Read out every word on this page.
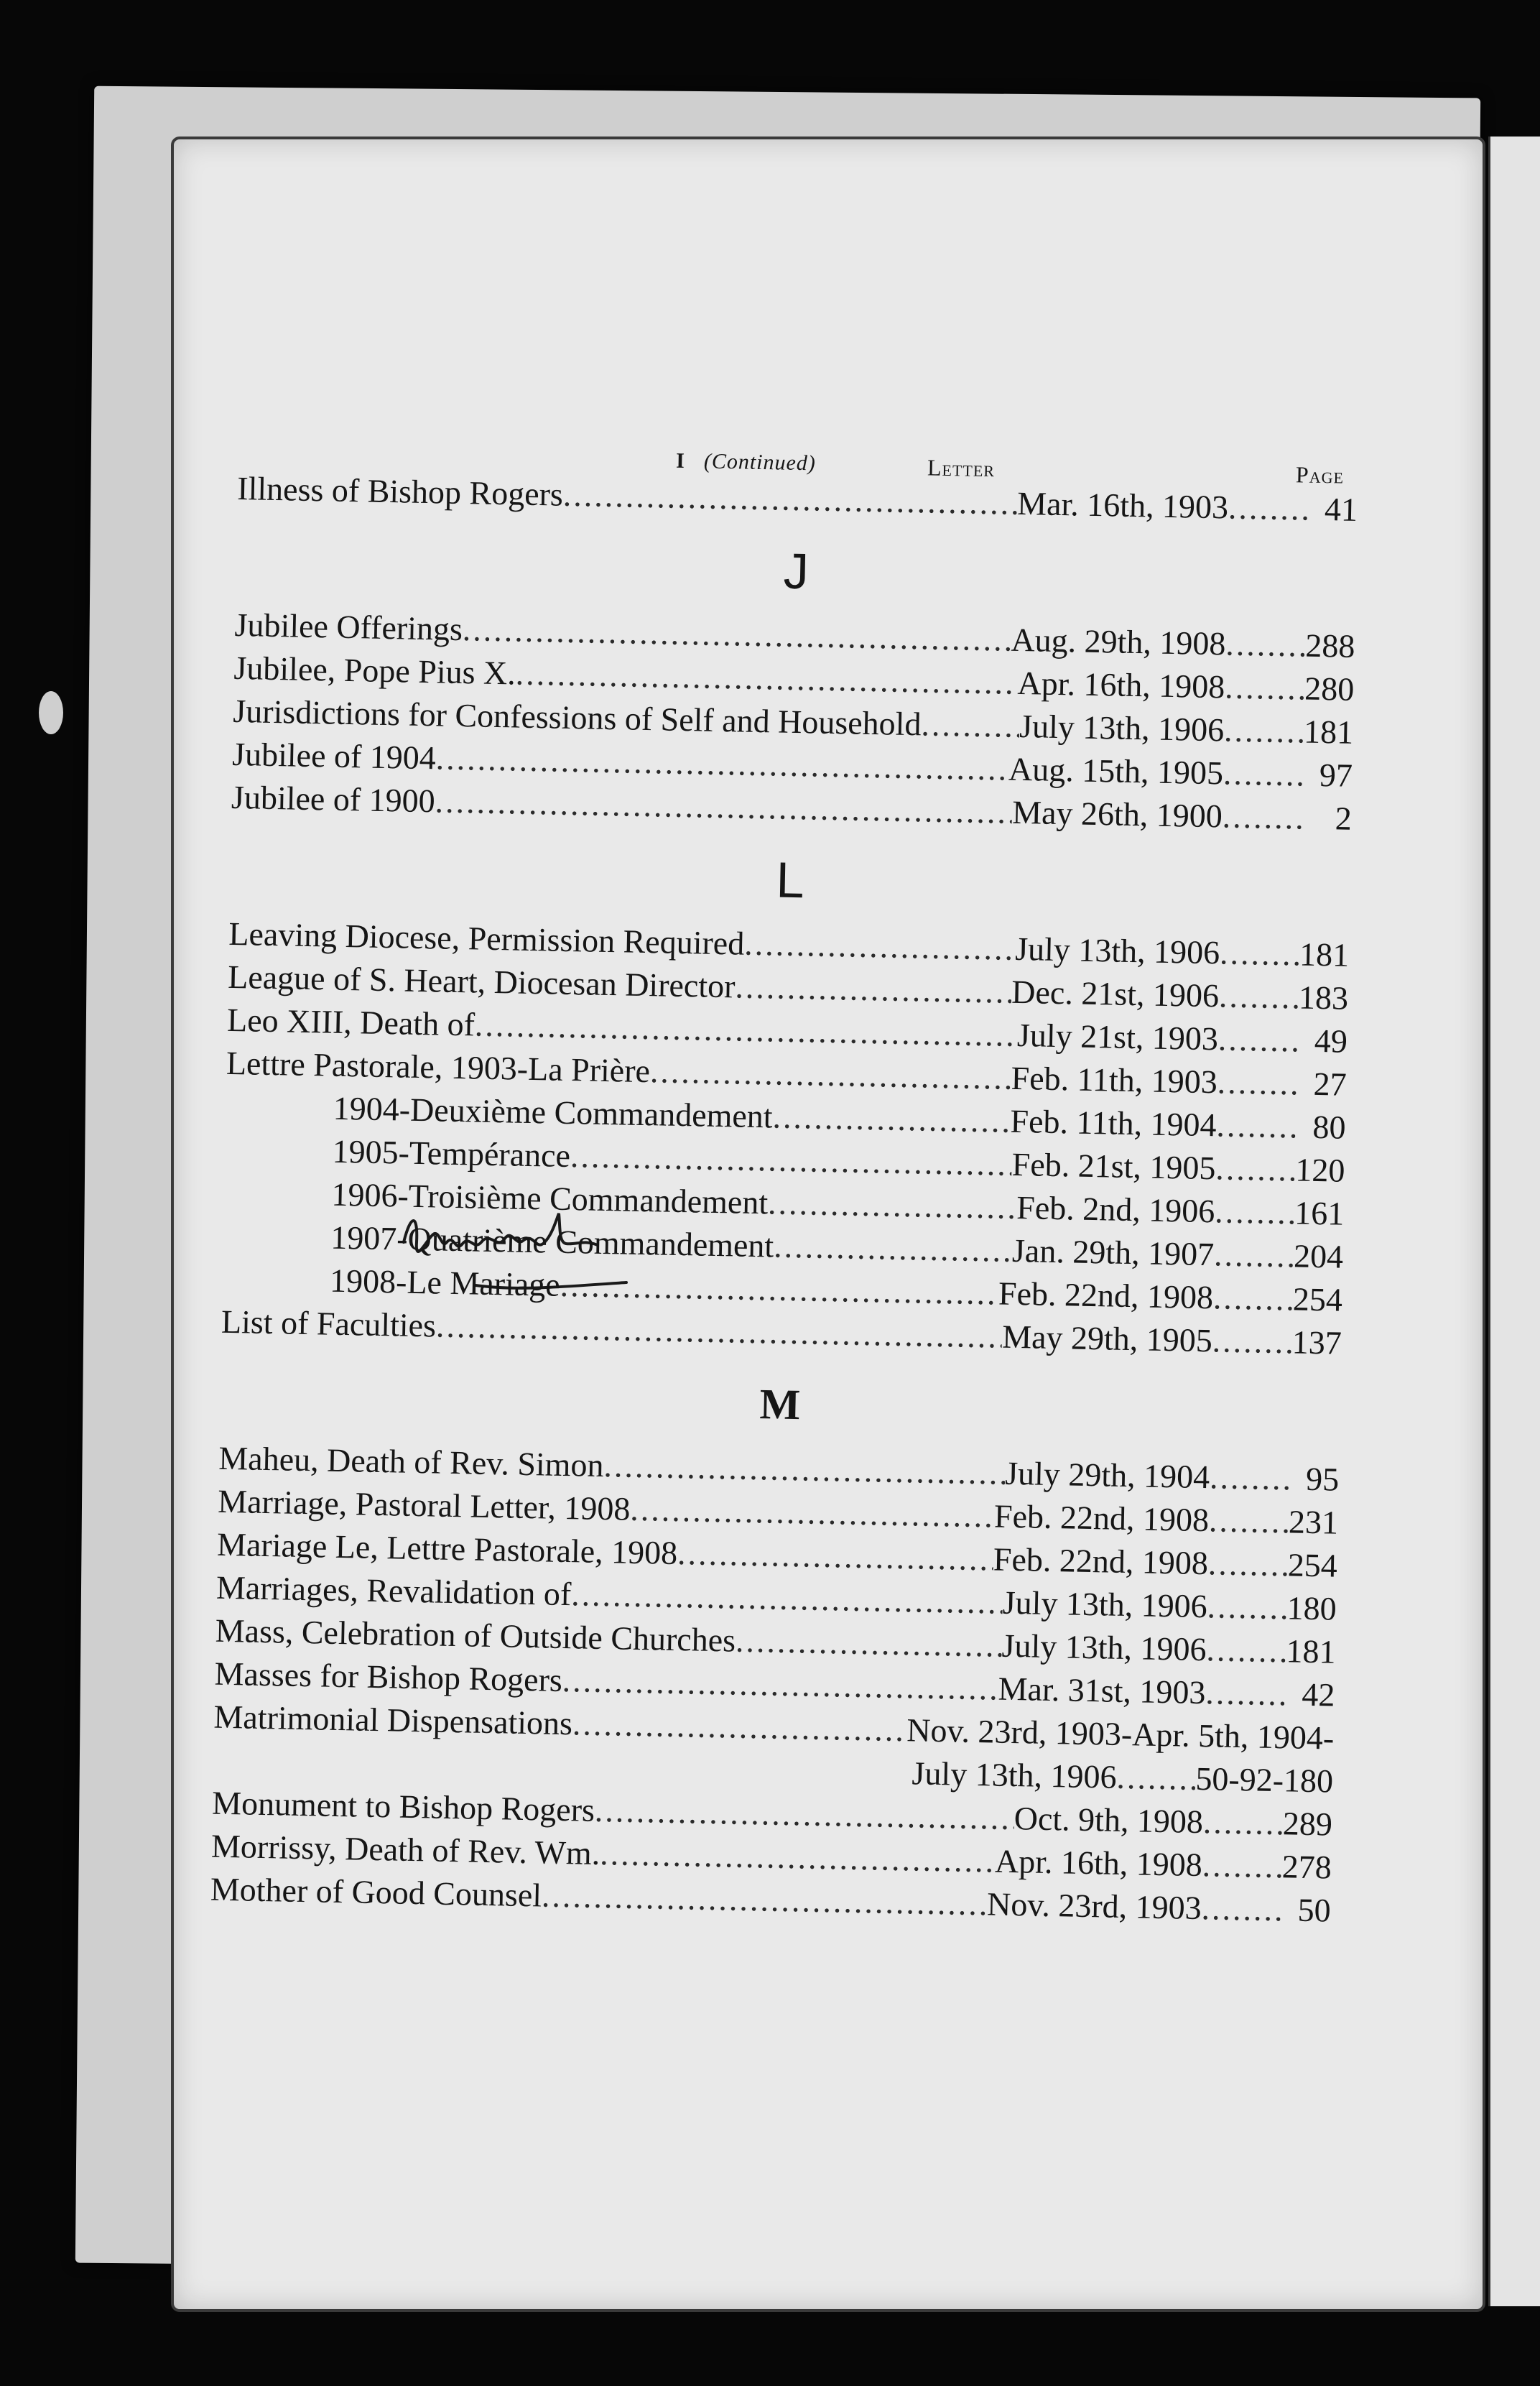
I (Continued)	Letter	Page
Illness of Bishop Rogers .....	Mar. 16th, 1903 ........	41
J
Jubilee Offerings .....	Aug. 29th, 1908 ........ 288
Jubilee, Pope Pius X. .....	Apr. 16th, 1908 ........ 280
Jurisdictions for Confessions of Self and Household .....	July 13th, 1906 ........ 181
Jubilee of 1904 .....	Aug. 15th, 1905 ........	97
Jubilee of 1900 .....	May 26th, 1900 ........	2
L
Leaving Diocese, Permission Required .....	July 13th, 1906 ........ 181
League of S. Heart, Diocesan Director .....	Dec. 21st, 1906 ........ 183
Leo XIII, Death of .....	July 21st, 1903 ........	49
Lettre Pastorale, 1903-La Prière .....	Feb. 11th, 1903 ........	27
1904-Deuxième Commandement .....	Feb. 11th, 1904 ........	80
1905-Tempérance .....	Feb. 21st, 1905 ........ 120
1906-Troisième Commandement .....	Feb. 2nd, 1906 ........ 161
1907-Quatrième Commandement .....	Jan. 29th, 1907 ........ 204
1908-Le Mariage .....	Feb. 22nd, 1908 ........ 254
List of Faculties .....	May 29th, 1905 ........ 137
M
Maheu, Death of Rev. Simon .....	July 29th, 1904 ........	95
Marriage, Pastoral Letter, 1908 .....	Feb. 22nd, 1908 ........ 231
Mariage Le, Lettre Pastorale, 1908 .....	Feb. 22nd, 1908 ........ 254
Marriages, Revalidation of .....	July 13th, 1906 ........ 180
Mass, Celebration of Outside Churches .....	July 13th, 1906 ........ 181
Masses for Bishop Rogers .....	Mar. 31st, 1903 ........	42
Matrimonial Dispensations .....	Nov. 23rd, 1903-Apr. 5th, 1904-
July 13th, 1906 ........ 50-92-180
Monument to Bishop Rogers .....	Oct. 9th, 1908 ........ 289
Morrissy, Death of Rev. Wm. .....	Apr. 16th, 1908 ........ 278
Mother of Good Counsel .....	Nov. 23rd, 1903 ........	50
